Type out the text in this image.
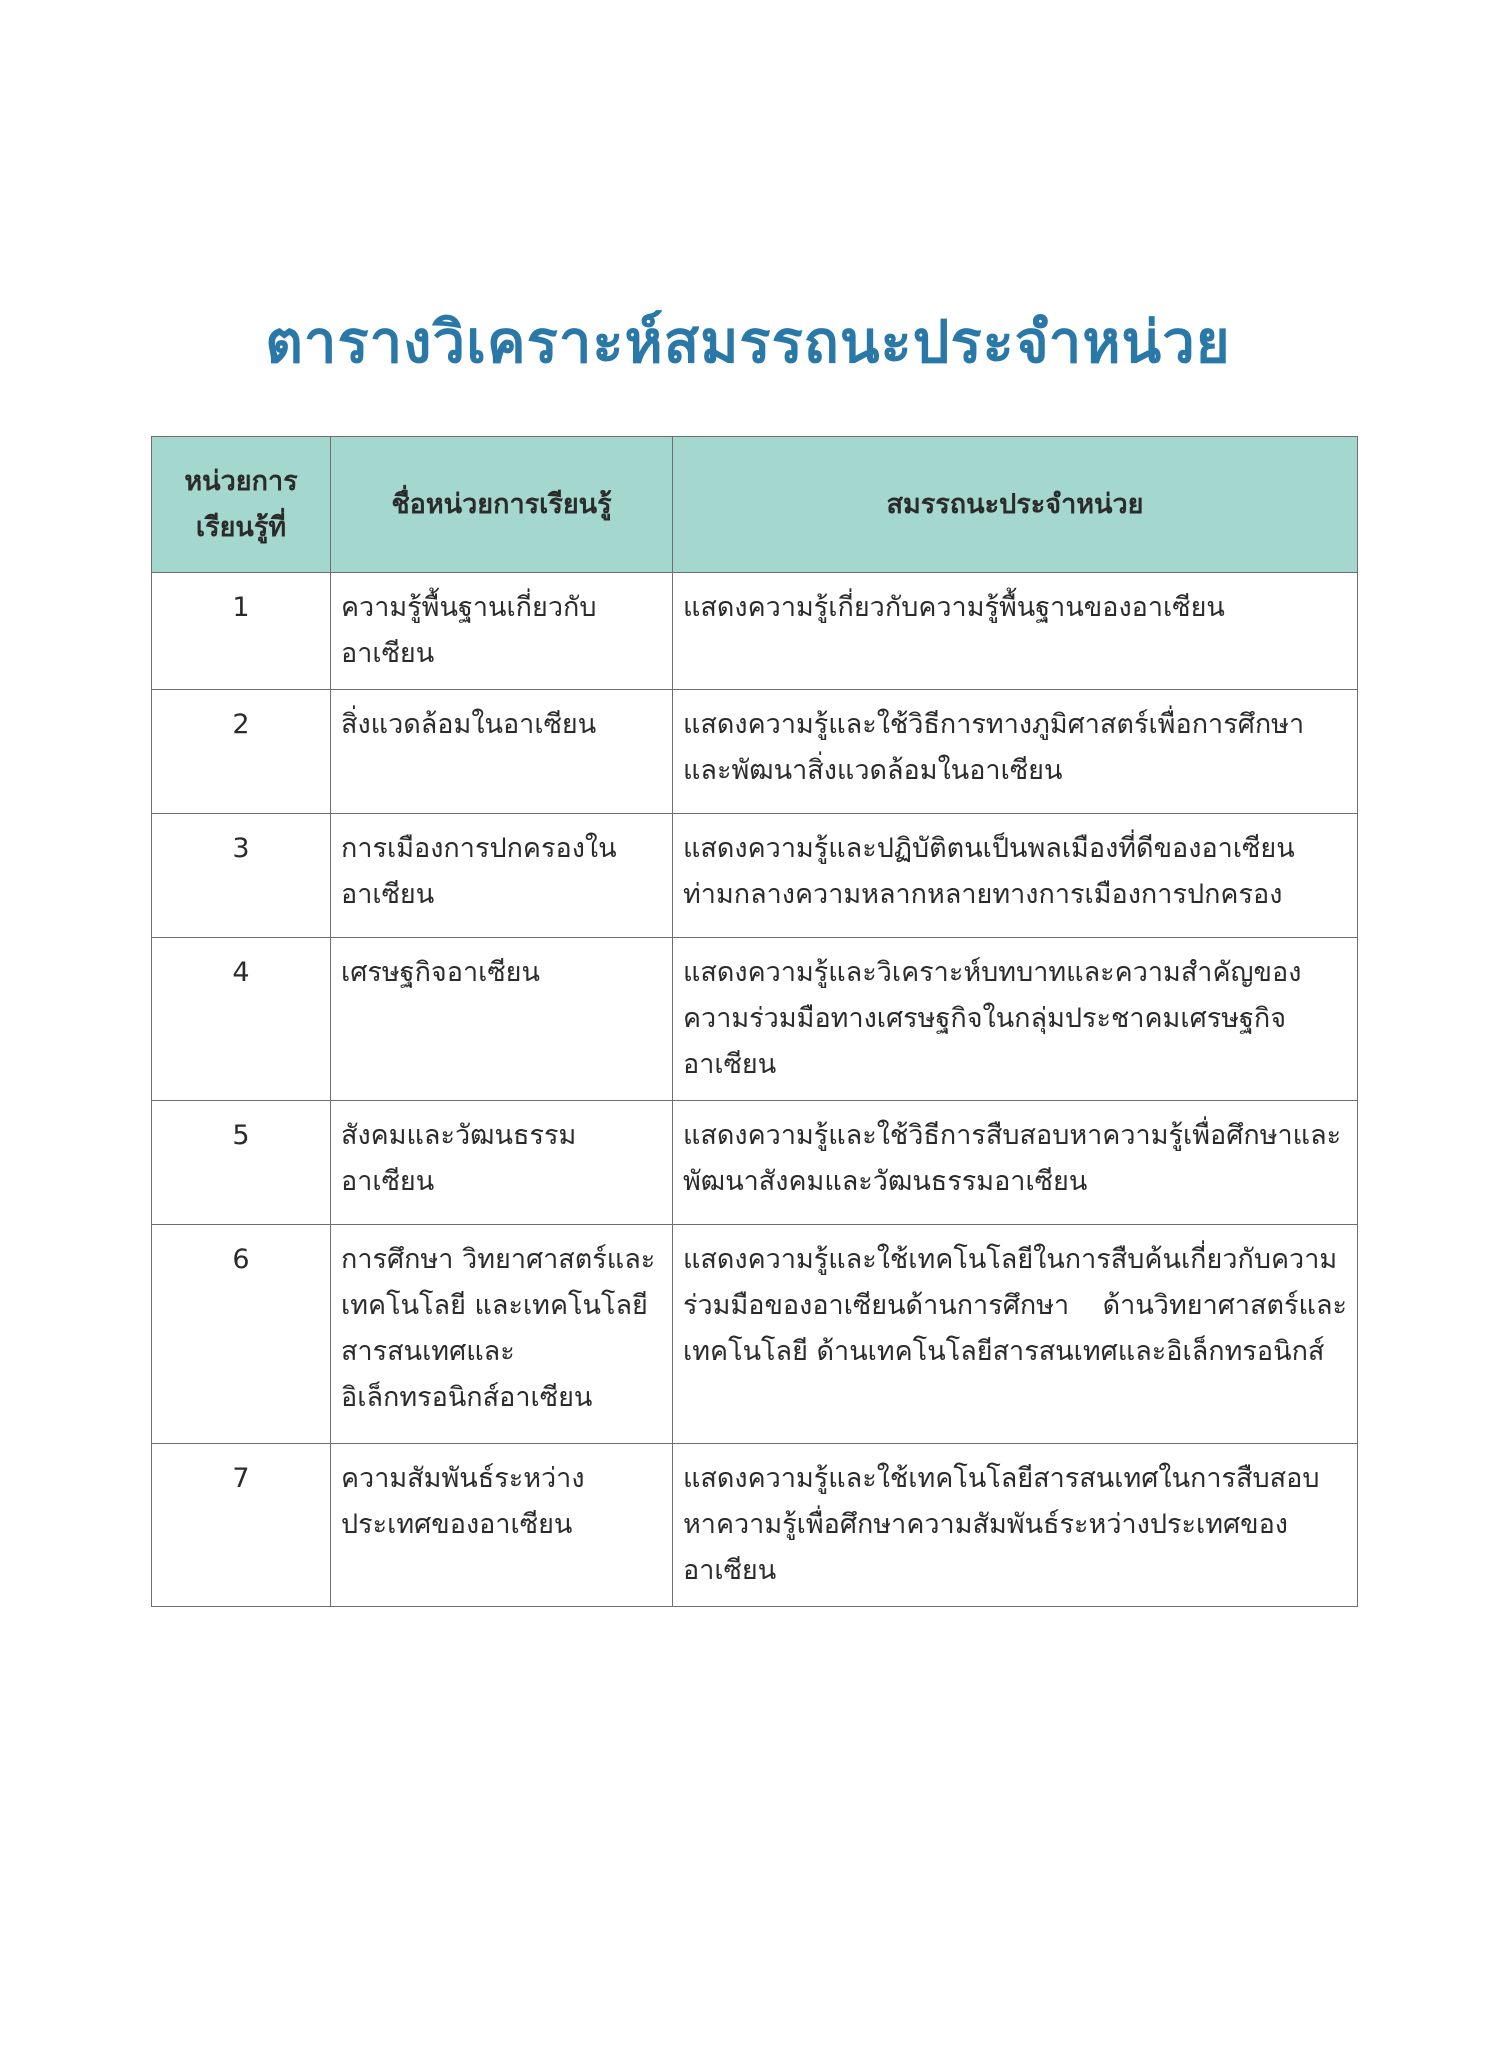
ตารางวิเคราะห์สมรรถนะประจำหน่วย
หน่วยการเรียนรู้ที่	ชื่อหน่วยการเรียนรู้	สมรรถนะประจำหน่วย
1	ความรู้พื้นฐานเกี่ยวกับอาเซียน	แสดงความรู้เกี่ยวกับความรู้พื้นฐานของอาเซียน
2	สิ่งแวดล้อมในอาเซียน	แสดงความรู้และใช้วิธีการทางภูมิศาสตร์เพื่อการศึกษาและพัฒนาสิ่งแวดล้อมในอาเซียน
3	การเมืองการปกครองในอาเซียน	แสดงความรู้และปฏิบัติตนเป็นพลเมืองที่ดีของอาเซียนท่ามกลางความหลากหลายทางการเมืองการปกครอง
4	เศรษฐกิจอาเซียน	แสดงความรู้และวิเคราะห์บทบาทและความสำคัญของความร่วมมือทางเศรษฐกิจในกลุ่มประชาคมเศรษฐกิจอาเซียน
5	สังคมและวัฒนธรรมอาเซียน	แสดงความรู้และใช้วิธีการสืบสอบหาความรู้เพื่อศึกษาและพัฒนาสังคมและวัฒนธรรมอาเซียน
6	การศึกษา วิทยาศาสตร์และเทคโนโลยี และเทคโนโลยีสารสนเทศและอิเล็กทรอนิกส์อาเซียน	แสดงความรู้และใช้เทคโนโลยีในการสืบค้นเกี่ยวกับความร่วมมือของอาเซียนด้านการศึกษา ด้านวิทยาศาสตร์และเทคโนโลยี ด้านเทคโนโลยีสารสนเทศและอิเล็กทรอนิกส์
7	ความสัมพันธ์ระหว่างประเทศของอาเซียน	แสดงความรู้และใช้เทคโนโลยีสารสนเทศในการสืบสอบหาความรู้เพื่อศึกษาความสัมพันธ์ระหว่างประเทศของอาเซียน
